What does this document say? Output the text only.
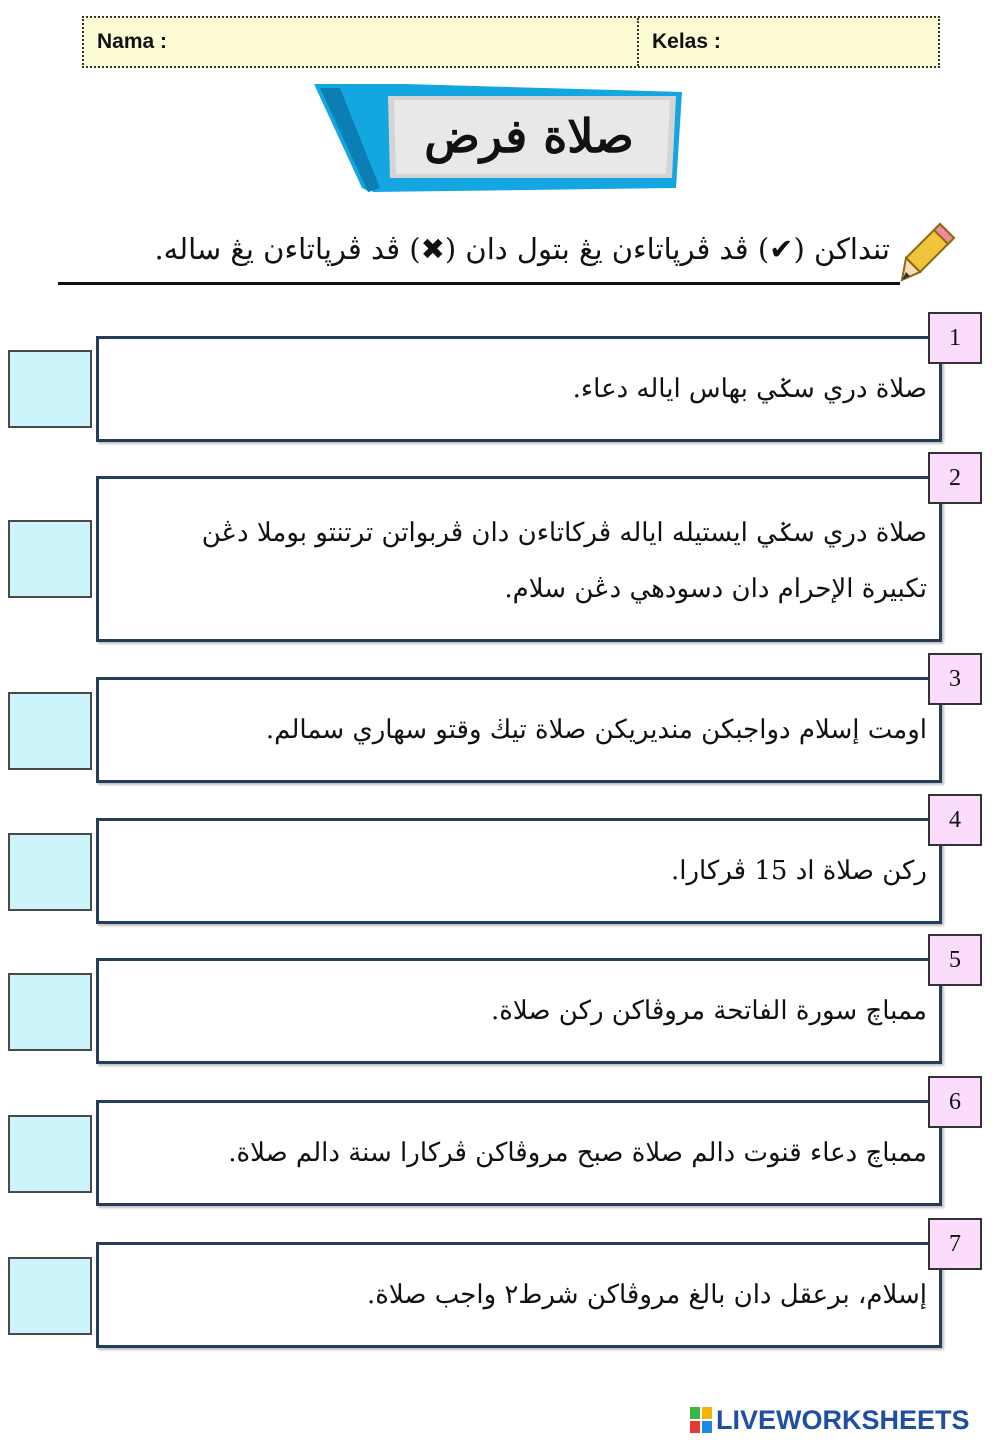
Nama :	Kelas :
صلاة فرض
تنداكن (✔) ڤد ڤرڽاتاءن يڠ بتول دان (✖) ڤد ڤرڽاتاءن يڠ ساله.
صلاة دري سݢي بهاس اياله دعاء.
1
صلاة دري سݢي ايستيله اياله ڤركاتاءن دان ڤربواتن ترتنتو بوملا دڠن
تكبيرة الإحرام دان دسودهي دڠن سلام.
2
اومت إسلام دواجبكن منديريكن صلاة تيڬ وقتو سهاري سمالم.
3
ركن صلاة اد 15 ڤركارا.
4
ممباچ سورة الفاتحة مروڤاكن ركن صلاة.
5
ممباچ دعاء قنوت دالم صلاة صبح مروڤاكن ڤركارا سنة دالم صلاة.
6
إسلام، برعقل دان بالغ مروڤاكن شرط٢ واجب صلاة.
7
LIVEWORKSHEETS
